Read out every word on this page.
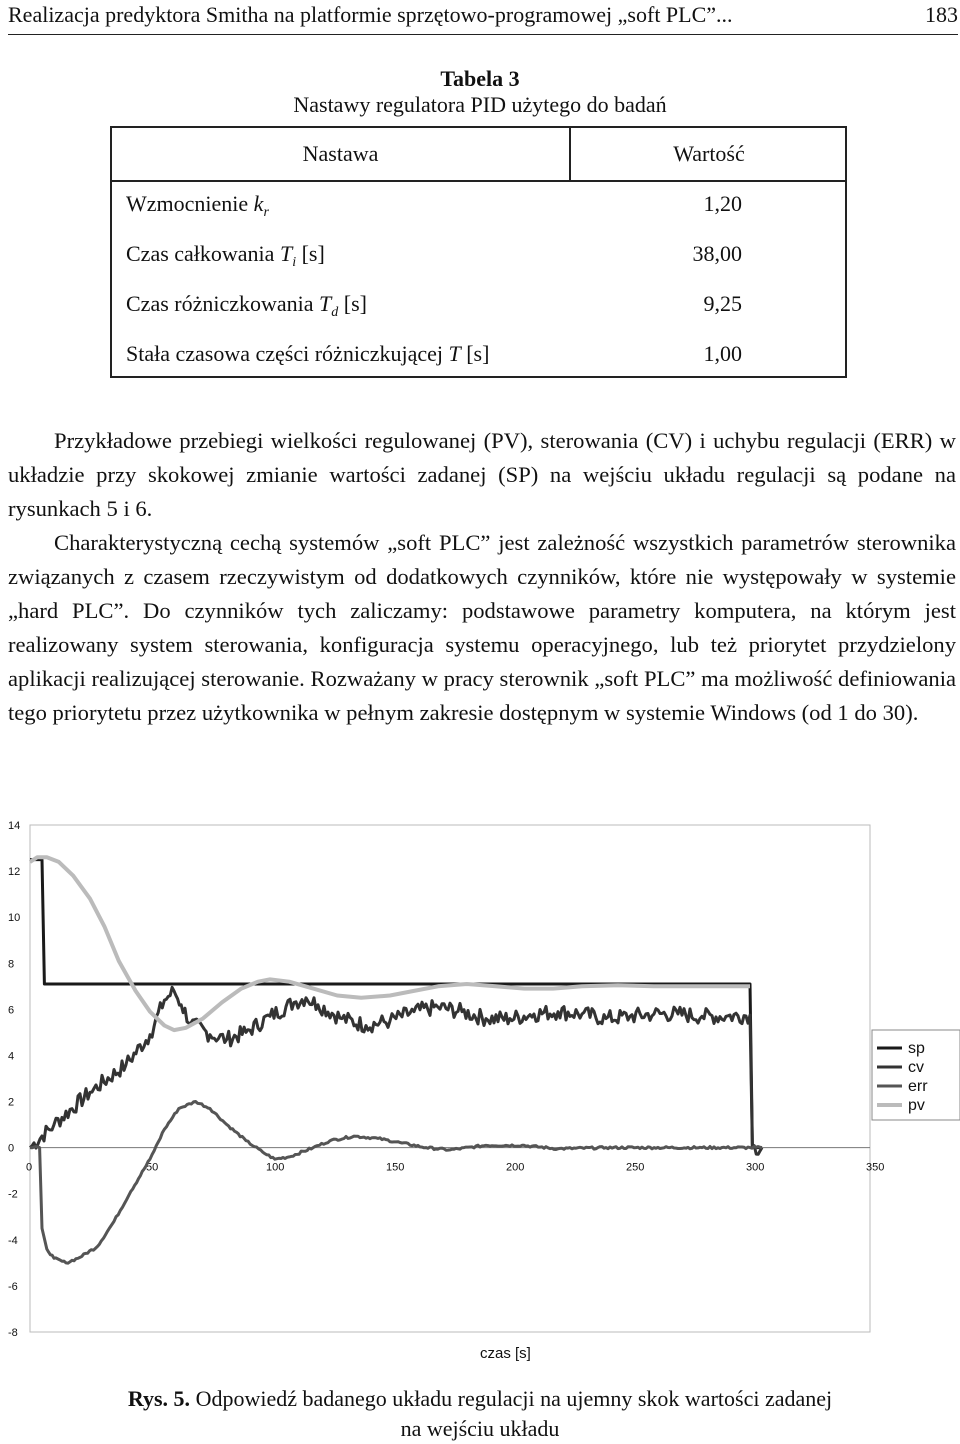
Realizacja predyktora Smitha na platformie sprzętowo-programowej „soft PLC”...	183
Tabela 3
Nastawy regulatora PID użytego do badań
Nastawa	Wartość
Wzmocnienie $k_r$	1,20
Czas całkowania $T_i$ [s]	38,00
Czas różniczkowania $T_d$ [s]	9,25
Stała czasowa części różniczkującej T [s]	1,00

Przykładowe przebiegi wielkości regulowanej (PV), sterowania (CV) i uchybu regulacji (ERR) w układzie przy skokowej zmianie wartości zadanej (SP) na wejściu układu regulacji są podane na rysunkach 5 i 6.

Charakterystyczną cechą systemów „soft PLC” jest zależność wszystkich parametrów sterownika związanych z czasem rzeczywistym od dodatkowych czynników, które nie występowały w systemie „hard PLC”. Do czynników tych zaliczamy: podstawowe parametry komputera, na którym jest realizowany system sterowania, konfiguracja systemu operacyjnego, lub też priorytet przydzielony aplikacji realizującej sterowanie. Rozważany w pracy sterownik „soft PLC” ma możliwość definiowania tego priorytetu przez użytkownika w pełnym zakresie dostępnym w systemie Windows (od 1 do 30).

14
12
10
8
6
4
2
0
-2
-4
-6
-8
0	50	100	150	200	250	300	350
czas [s]
sp
cv
err
pv
Rys. 5. Odpowiedź badanego układu regulacji na ujemny skok wartości zadanej
na wejściu układu
